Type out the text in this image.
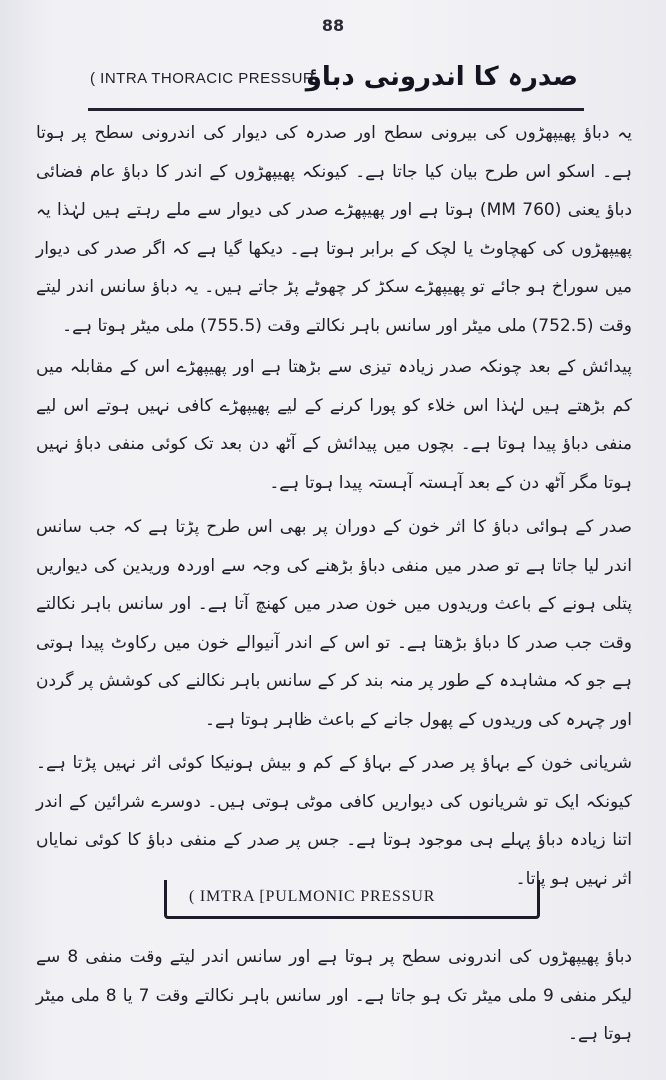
88
( INTRA THORACIC PRESSUR
صدرہ کا اندرونی دباؤ
یہ دباؤ پھیپھڑوں کی بیرونی سطح اور صدرہ کی دیوار کی اندرونی سطح پر ہوتا ہے۔ اسکو اس طرح بیان کیا جاتا ہے۔ کیونکہ پھیپھڑوں کے اندر کا دباؤ عام فضائی دباؤ یعنی (760 MM) ہوتا ہے اور پھیپھڑے صدر کی دیوار سے ملے رہتے ہیں لہٰذا یہ پھیپھڑوں کی کھچاوٹ یا لچک کے برابر ہوتا ہے۔ دیکھا گیا ہے کہ اگر صدر کی دیوار میں سوراخ ہو جائے تو پھیپھڑے سکڑ کر چھوٹے پڑ جاتے ہیں۔ یہ دباؤ سانس اندر لیتے وقت (752.5) ملی میٹر اور سانس باہر نکالتے وقت (755.5) ملی میٹر ہوتا ہے۔
پیدائش کے بعد چونکہ صدر زیادہ تیزی سے بڑھتا ہے اور پھیپھڑے اس کے مقابلہ میں کم بڑھتے ہیں لہٰذا اس خلاء کو پورا کرنے کے لیے پھیپھڑے کافی نہیں ہوتے اس لیے منفی دباؤ پیدا ہوتا ہے۔ بچوں میں پیدائش کے آٹھ دن بعد تک کوئی منفی دباؤ نہیں ہوتا مگر آٹھ دن کے بعد آہستہ آہستہ پیدا ہوتا ہے۔
صدر کے ہوائی دباؤ کا اثر خون کے دوران پر بھی اس طرح پڑتا ہے کہ جب سانس اندر لیا جاتا ہے تو صدر میں منفی دباؤ بڑھنے کی وجہ سے اوردہ وریدین کی دیواریں پتلی ہونے کے باعث وریدوں میں خون صدر میں کھنچ آتا ہے۔ اور سانس باہر نکالتے وقت جب صدر کا دباؤ بڑھتا ہے۔ تو اس کے اندر آنیوالے خون میں رکاوٹ پیدا ہوتی ہے جو کہ مشاہدہ کے طور پر منہ بند کر کے سانس باہر نکالنے کی کوشش پر گردن اور چہرہ کی وریدوں کے پھول جانے کے باعث ظاہر ہوتا ہے۔
شریانی خون کے بہاؤ پر صدر کے بہاؤ کے کم و بیش ہونیکا کوئی اثر نہیں پڑتا ہے۔ کیونکہ ایک تو شریانوں کی دیواریں کافی موٹی ہوتی ہیں۔ دوسرے شرائین کے اندر اتنا زیادہ دباؤ پہلے ہی موجود ہوتا ہے۔ جس پر صدر کے منفی دباؤ کا کوئی نمایاں اثر نہیں ہو پاتا۔
( IMTRA [PULMONIC PRESSUR
دباؤ پھیپھڑوں کی اندرونی سطح پر ہوتا ہے اور سانس اندر لیتے وقت منفی 8 سے لیکر منفی 9 ملی میٹر تک ہو جاتا ہے۔ اور سانس باہر نکالتے وقت 7 یا 8 ملی میٹر ہوتا ہے۔
